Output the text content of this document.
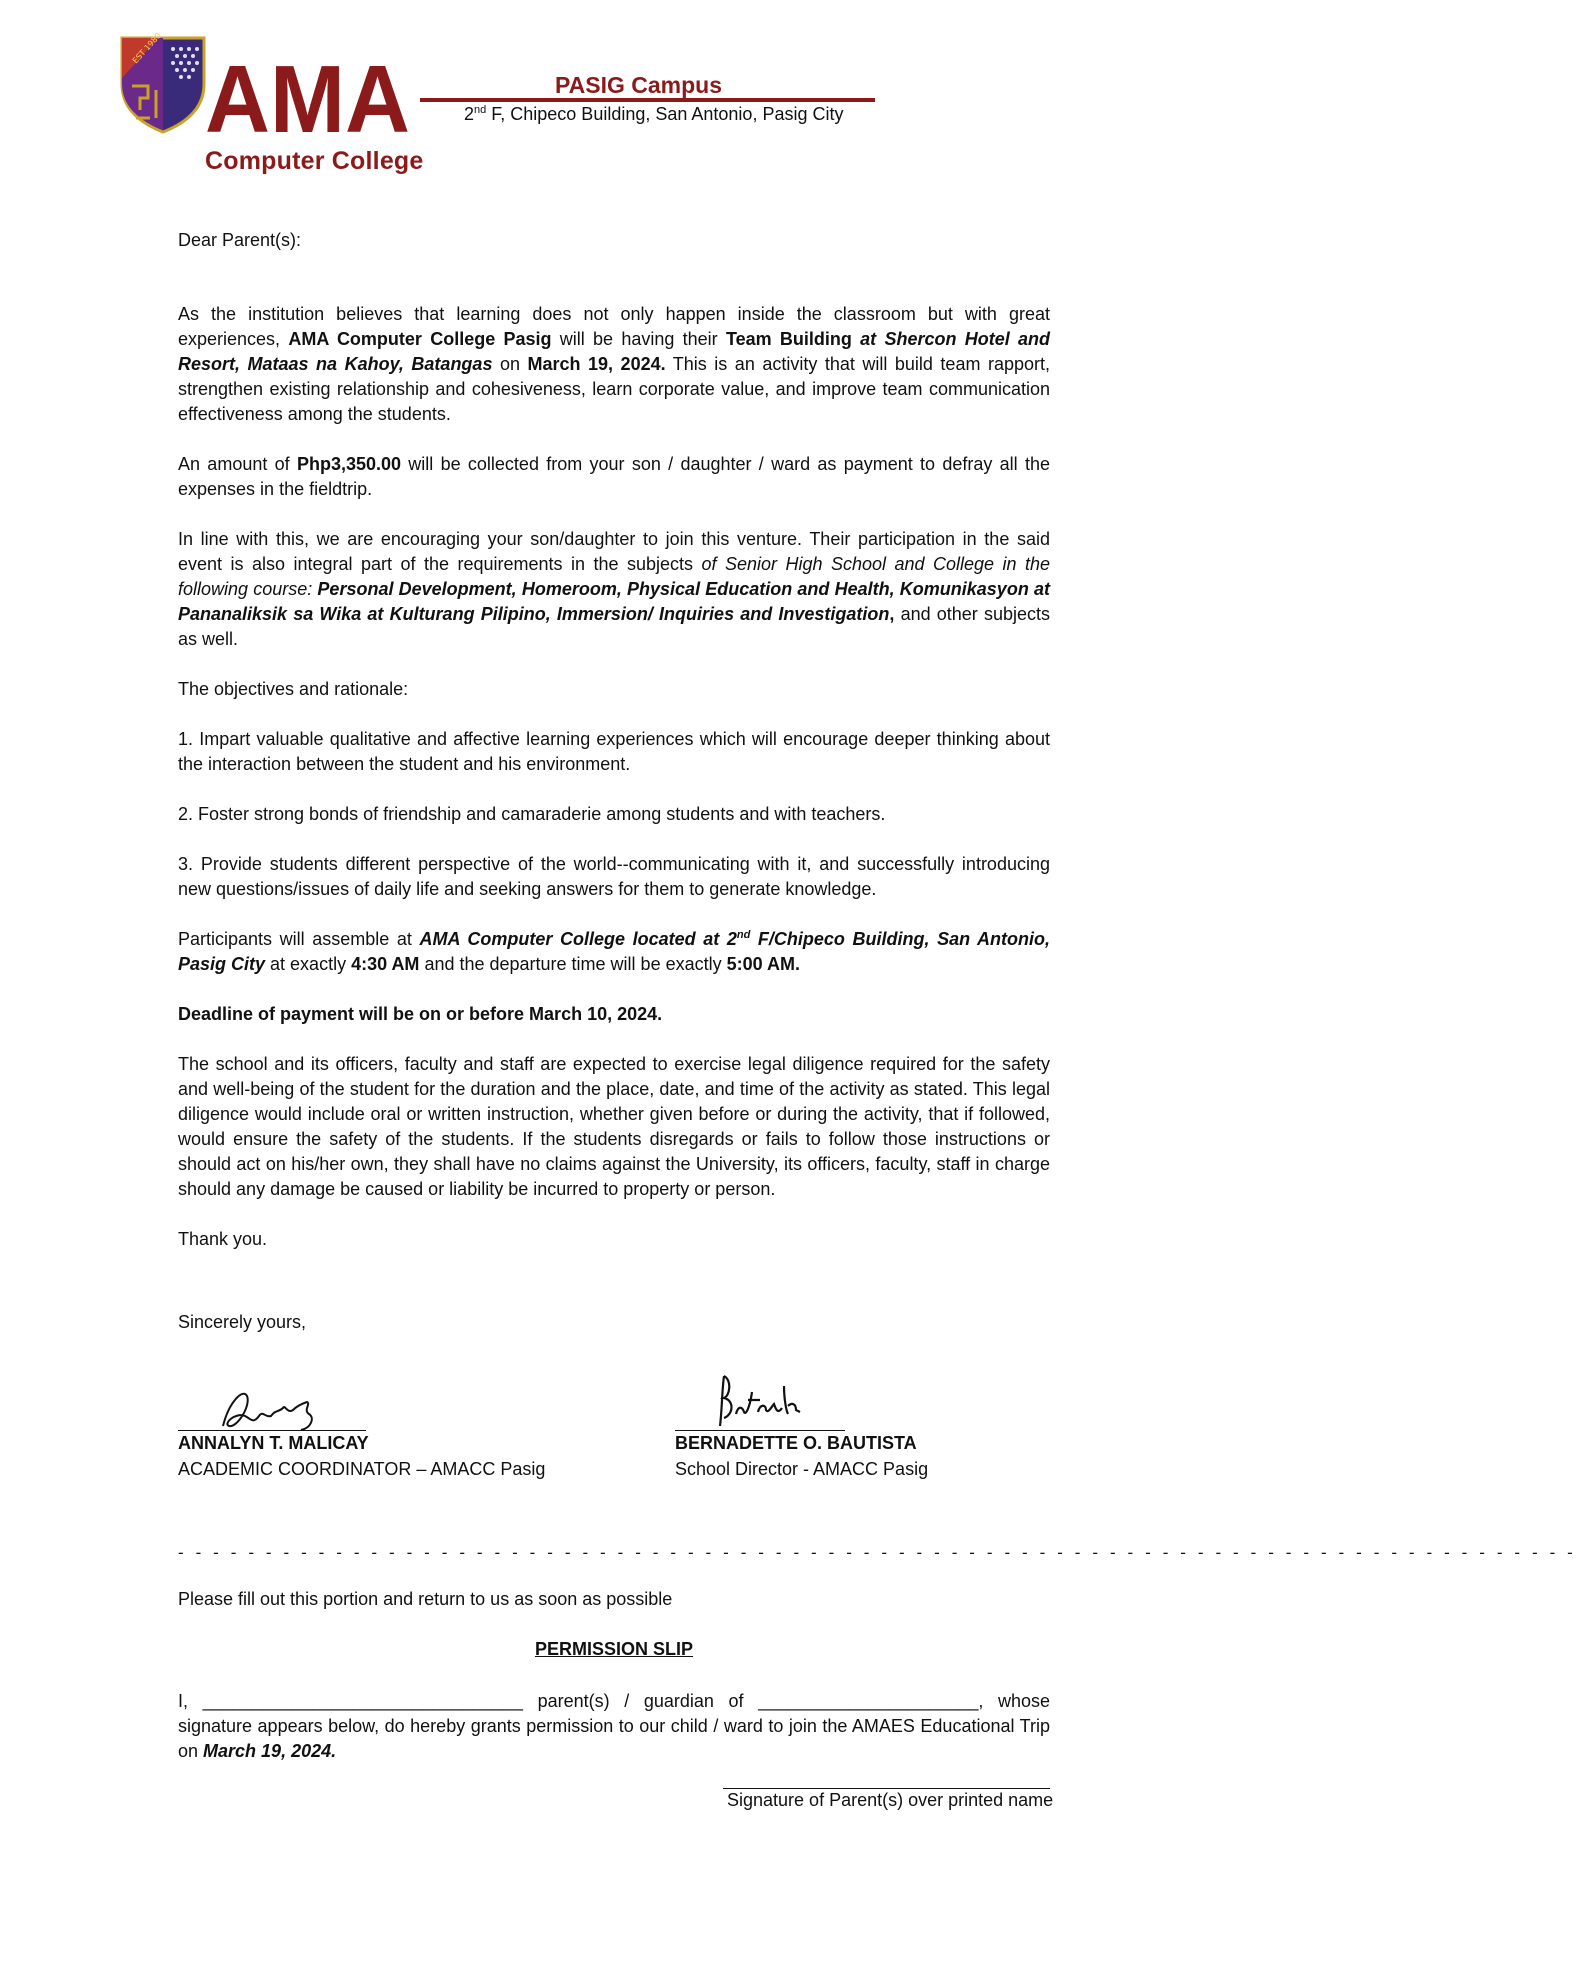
EST 1980 AMA
Computer College
PASIG Campus
2nd F, Chipeco Building, San Antonio, Pasig City

Dear Parent(s):

As the institution believes that learning does not only happen inside the classroom but with great experiences, AMA Computer College Pasig will be having their Team Building at Shercon Hotel and Resort, Mataas na Kahoy, Batangas on March 19, 2024. This is an activity that will build team rapport, strengthen existing relationship and cohesiveness, learn corporate value, and improve team communication effectiveness among the students.

An amount of Php3,350.00 will be collected from your son / daughter / ward as payment to defray all the expenses in the fieldtrip.

In line with this, we are encouraging your son/daughter to join this venture. Their participation in the said event is also integral part of the requirements in the subjects of Senior High School and College in the following course: Personal Development, Homeroom, Physical Education and Health, Komunikasyon at Pananaliksik sa Wika at Kulturang Pilipino, Immersion/ Inquiries and Investigation, and other subjects as well.

The objectives and rationale:

1. Impart valuable qualitative and affective learning experiences which will encourage deeper thinking about the interaction between the student and his environment.

2. Foster strong bonds of friendship and camaraderie among students and with teachers.

3. Provide students different perspective of the world--communicating with it, and successfully introducing new questions/issues of daily life and seeking answers for them to generate knowledge.

Participants will assemble at AMA Computer College located at 2nd F/Chipeco Building, San Antonio, Pasig City at exactly 4:30 AM and the departure time will be exactly 5:00 AM.

Deadline of payment will be on or before March 10, 2024.

The school and its officers, faculty and staff are expected to exercise legal diligence required for the safety and well-being of the student for the duration and the place, date, and time of the activity as stated. This legal diligence would include oral or written instruction, whether given before or during the activity, that if followed, would ensure the safety of the students. If the students disregards or fails to follow those instructions or should act on his/her own, they shall have no claims against the University, its officers, faculty, staff in charge should any damage be caused or liability be incurred to property or person.

Thank you.

Sincerely yours,

ANNALYN T. MALICAY
ACADEMIC COORDINATOR – AMACC Pasig
BERNADETTE O. BAUTISTA
School Director - AMACC Pasig
- - - - - - - - - - - - - - - - - - - - - - - - - - - - - - - - - - - - - - - - - - - - - - - - - - - - - - - - - - - - - - - - - - - - - - - - - - - - - - - -
Please fill out this portion and return to us as soon as possible
PERMISSION SLIP
I, ________________________________ parent(s) / guardian of ______________________, whose signature appears below, do hereby grants permission to our child / ward to join the AMAES Educational Trip on March 19, 2024.
Signature of Parent(s) over printed name
